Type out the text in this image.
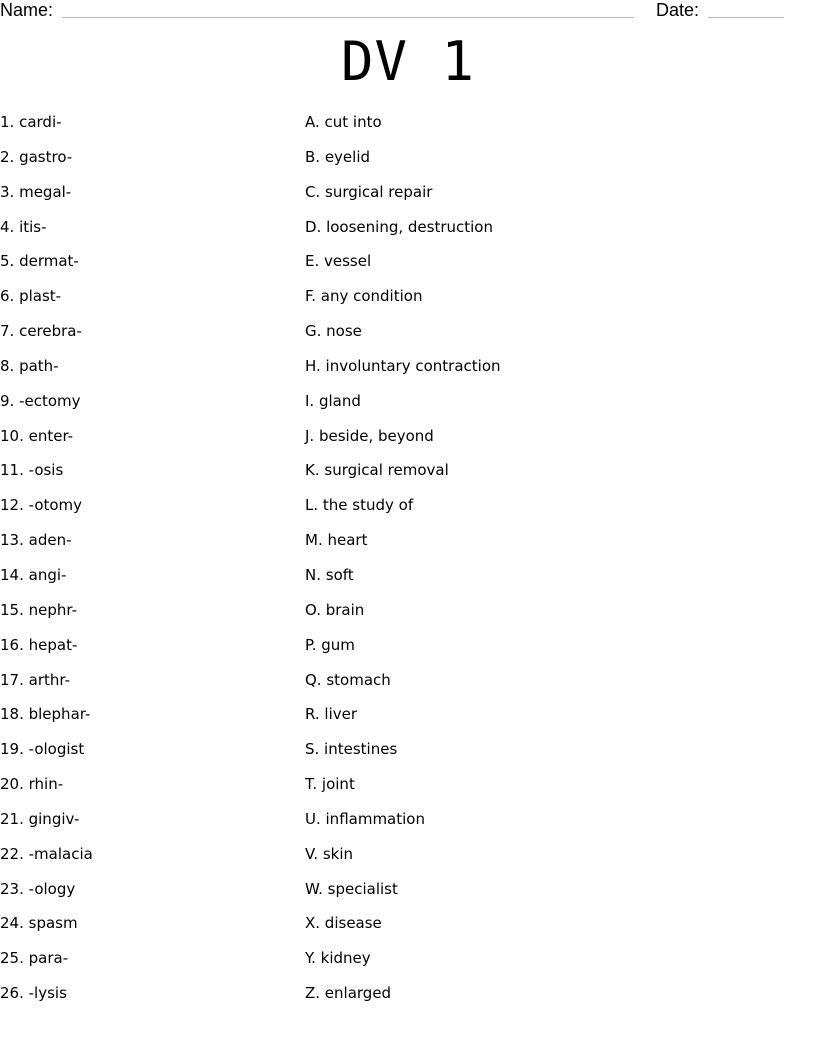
Name:	Date:
DV 1
1. cardi-	A. cut into
2. gastro-	B. eyelid
3. megal-	C. surgical repair
4. itis-	D. loosening, destruction
5. dermat-	E. vessel
6. plast-	F. any condition
7. cerebra-	G. nose
8. path-	H. involuntary contraction
9. -ectomy	I. gland
10. enter-	J. beside, beyond
11. -osis	K. surgical removal
12. -otomy	L. the study of
13. aden-	M. heart
14. angi-	N. soft
15. nephr-	O. brain
16. hepat-	P. gum
17. arthr-	Q. stomach
18. blephar-	R. liver
19. -ologist	S. intestines
20. rhin-	T. joint
21. gingiv-	U. inflammation
22. -malacia	V. skin
23. -ology	W. specialist
24. spasm	X. disease
25. para-	Y. kidney
26. -lysis	Z. enlarged
